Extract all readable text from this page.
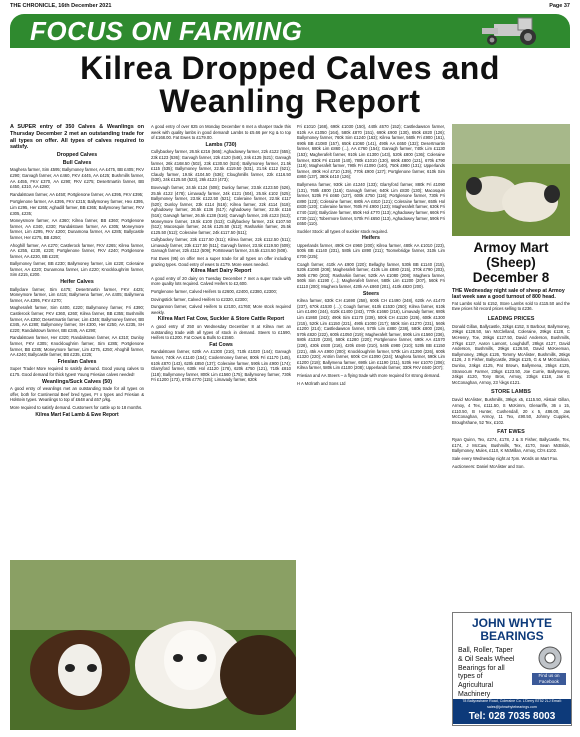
THE CHRONICLE, 16th December 2021	Page 37
FOCUS ON FARMING
Kilrea Dropped Calves and Weanling Report

A SUPER entry of 350 Calves & Weanlings on Thursday December 2 met an outstanding trade for all types on offer. All types of calves required to satisfy.

Dropped Calves
Bull Calves

Maghera farmer, Sim £595; Ballymoney farmer, AA £475, BB £405; FKV £290; Garvagh farmer, AA £460, FKV £445, AA £425; Bushmills farmer, AA £455, FKV £370, AA £290; FKV £275; Desertmartin farmer, BB £450, £310, AA £280;

Randalstown farmer, AA £450; Portglenone farmer, AA £395, FKV £395;

Portglenone farmer, AA £395, FKV £215; Ballymoney farmer, Hex £395, Lim £295, Her £265; Aghadill farmer, BB £365; Ballymoney farmer, FKV £305, £235;

Moneysmore farmer, AA £360; Kilrea farmer, BB £360; Portglenone farmer, AA £340, £330; Randalstown farmer, AA £305; Moneymore farmer, Lim £295, FKV £200; Dunamona farmer, AA £285; Ballycastle farmer, Her £275, BB £250;

Ahoghill farmer, AA £270; Castlerock farmer, FKV £265; Kilrea farmer, AA £255, £230, £220; Portglenone farmer, FKV £240; Portglenone farmer, AA £230, BB £220;

Ballymoney farmer, BB £230; Ballymoney farmer, Lim £220; Coleraine farmer, AA £220; Dunamona farmer, Lim £220; Knockloughrim farmer, Sim £215, £200.

Heifer Calves

Ballyclare farmer, Sim £475; Desertmartin farmer, FKV £425; Moneymore farmer, Lim £415; Ballymena farmer, AA £405; Ballymena farmer, AA £395, FKV £270;

Magherafelt farmer, Sim £400, £220; Ballymoney farmer, Fri £390; Castlerock farmer, FKV £360, £260; Kilrea farmer, BB £355; Bushmills farmer, AA £350; Desertmartin farmer, Lim £345; Ballymoney farmer, BB £345, AA £280; Ballymoney farmer, SH £300, Her £250, AA £235, SH £220; Randalstown farmer, BB £345, AA £290;

Randalstown farmer, Her £320; Randalstown farmer, AA £310; Dunloy farmer, FKV £305; Knockloughrim farmer, Sim £285; Portglenone farmer, BB £285; Moneymore farmer, Lim £275, £250; Ahoghill farmer, AA £240; Ballycastle farmer, BB £235, £225;

Friesian Calves

Super Trade! More required to satisfy demand. Good young calves to £175. Good demand for thick types! Young Friesian calves needed!

Weanlings/Suck Calves (50)

A good entry of weanlings met an outstanding trade for all types on offer, both for Continental Beef bred types, Fr x types and Friesian & Holstein types. Weanlings to top of £648 and £67 p/kg.

More required to satisfy demand. Customers for cattle up to 18 months.

Kilrea Mart Fat Lamb & Ewe Report

A good entry of over 825 on Monday December 6 met a sharper trade this week with quality lambs in good demand! Lambs to £5.66 per Kg & to top of £168.00. Fat Ewes to £179.00.

Lambs (730)

Cullybackey farmer, 26.5k £216 (566); Aghadowey farmer, 22k £122 (555); 23k £123 (536); Garvagh farmer, 22k £120 (546), 24k £125 (521); Garvagh farmer, 26k £168.50 (502), 23k £130.50 (524); Ballymoney farmer, 21.5k £115 (535); Ballymoney farmer, 22.5k £119.50 (531), 21.5k £112 (521); Claudy farmer, 19.5k £104.50 (536); Cloughmills farmer, 22k £116.50 (530), 24k £125.50 (523), 26k £123 (473);

Bovevagh farmer, 24.5k £124 (508); Dunloy farmer, 23.5k £123.50 (526), 25.5k £122 (478); Limavady farmer, 24k £121 (504), 25.5k £102 (525); Ballymoney farmer, 23.5k £122.50 (521); Coleraine farmer, 22.5k £117 (520); Dunloy farmer, 23k £114 (516); Kilrea farmer, 22k £114 (518); Aghadowey farmer, 26.5k £136 (517); Aghadowey farmer, 22.5k £116 (516); Garvagh farmer, 26.5k £138 (516); Garvagh farmer, 24k £123 (513); Moneymore farmer, 19.5k £100 (513); Cullybackey farmer, 21k £107.50 (512); Macosquin farmer, 24.5k £125.50 (512); Rasharkin farmer, 25.5k £125.50 (512); Coleraine farmer, 24k £117.50 (511);

Cullybackey farmer, 23k £117.50 (511); Kilrea farmer, 22k £112.50 (511); Limavady farmer, 23k £117.50 (511); Garvagh farmer, 23.5k £119.50 (509); Garvagh farmer, 22k £112 (509); Portstewart farmer, 24.5k £124.50 (508).

Fat Ewes (95) on offer met a super trade for all types on offer including grazing types. Good entry of ewes to £179. More ewes needed.

Kilrea Mart Dairy Report

A good entry of 20 dairy on Tuesday December 7 met a super trade with more quality lots required. Calved Heifers to £2,600.

Portglenone farmer, Calved Heifers to £2600, £2400, £2380, £2300;

Dovingstick farmer, Calved Heifers to £2320, £2300;

Dungannon farmer, Calved Heifers to £2100, £1760; More stock required weekly.

Kilrea Mart Fat Cow, Suckler & Store Cattle Report

A good entry of 250 on Wednesday December 8 at Kilrea met an outstanding trade with all types of stock in demand. Steers to £1590, Heifers to £1200. Fat Cows & Bulls to £1560.

Fat Cows

Randalstown farmer, 620k AA £1300 (210), 710k £1020 (144); Garvagh farmer, 740k AA £1140 (154); Coolermoney farmer, 800k Fri £1170 (145), 610k £870 (143), 620k £850 (137); Coleraine farmer, 590k Lim £900 (174); Glarryford farmer, 630k Hol £1120 (178), 620k £750 (121), 710k £810 (118); Ballymoney farmer, 800k Lim £1560 (175); Ballymoney farmer, 730k Fri £1200 (173), 670k £770 (115); Limavady farmer, 620k

Fri £1010 (168), 690k £1030 (150), 440k £670 (152); Castledawson farmer, 610k AA £1050 (164), 580k £870 (151), 690k £900 (130), 650k £820 (126); Ballymoney farmer, 760k Sim £1240 (163); Kilrea farmer, 560k Fri £900 (161), 690k BB £1080 (157), 650k £1060 (141), 490k AA £650 (132); Desertmartin farmer, 680k Lim £860 (...), AA £760 (154); Garvagh farmer, 740k Lim £1130 (153); Magherafelt farmer, 910k Lim £1300 (143), 520k £800 (136); Coleraine farmer, 830k Fri £1160 (140), 780k £1010 (130), 660k £800 (121), 670k £790 (119); Magherafelt farmer, 790k Fri £1090 (140), 750k £980 (131); Upperlands farmer, 490k Hol £710 (139), 770k £900 (127); Portglenone farmer, 610k Sim £860 (137), 380k £410 (126);

Ballymena farmer, 930k Lim £1240 (133); Glarryford farmer, 880k Fri £1090 (131), 760k £800 (116); Garvagh farmer, 640k Lim £830 (130); Macosquin farmer, 520k Fri £660 (127), 600k £750 (116); Portglenone farmer, 730k Fri £890 (123); Coleraine farmer, 680k AA £810 (121); Coleraine farmer, 650k Hol £830 (120); Coleraine farmer, 760k Fri £900 (123); Magherafelt farmer, 630k Fri £740 (118); Ballyclare farmer, 650k Hol £770 (113); Aghadowey farmer, 660k Fri £730 (111); Tobermore farmer, 570k Fri £650 (113), Aghadowey farmer, 590k Fri £650 (110).

Suckler Stock: all types of suckler stock required.

Heifers

Upperlands farmer, 490k CH £960 (200); Kilrea farmer, 480k AA £1010 (223), 500k BB £1140 (231), 580k Lim £890 (211); Toomebridge farmer, 310k Lim £700 (225);

Coagh farmer, 410k AA £900 (220); Bellaghy farmer, 530k BB £1140 (215), 520k £1080 (208); Magherafelt farmer, 410k Lim £880 (215), 370k £790 (203), 360k £790 (203); Rasharkin farmer, 520k AA £1080 (208); Maghera farmer, 560k Sim £1190 (…); Magherafelt farmer, 580k Lim £1200 (207), 560k Fri £1110 (200); Maghera farmer, 420k AA £860 (201), 410k £820 (200).

Steers

Kilrea farmer, 630k CH £1690 (258), 600k CH £1490 (248), 620k AA £1470 (237), 670k £1530 (…); Coagh farmer, 610k £1530 (250); Kilrea farmer, 610k Lim £1490 (244), 610k £1400 (243), 770k £1660 (216), Limavady farmer, 680k Lim £1860 (242); 490k Sim £1170 (239), 500k CH £1130 (226), 600k £1300 (215), 520k Lim £1150 (221), 490k £1000 (217); 550k Sim £1270 (231), 560k £1200 (214); Castledawson farmer, 570k Lim £880 (238), 580k £800 (226), 570k £820 (222), 600k £1050 (219); Magherafelt farmer, 590k Lim £1560 (236), 580k £1320 (228), 580k £1280 (220); Portglenone farmer, 690k AA £1570 (228), 430k £930 (216), 420k £940 (210), 540k £980 (210); 520k BB £1150 (221), 45k AA £900 (200); Knockloughrim farmer, 570k Lim £1290 (226), 600k £1320 (220); Antrim farmer, 600k CH £1090 (224); Maghera farmer, 590k Lim £1200 (218); Ballymena farmer, 690k Lim £1190 (211), 520k Her £1070 (206); Kilrea farmer, 580k Lim £1100 (208); Upperlands farmer, 330k FKV £640 (207);

Friesian and AA Steers – a flying trade with more required for strong demand.

H A McIlrath and Sons Ltd

Armoy Mart (Sheep) December 8
THE Wednesday night sale of sheep at Armoy last week saw a good turnout of 800 head.

Fat Lambs sold to £152, Store Lambs sold to £115.50 and the Ewe prices hit record prices selling to £236.

LEADING PRICES

Donald Gillan, Ballycastle, 32kgs £152, S Barbour, Ballymoney, 29kgs £128.50, Ian McClelland, Coleraine, 29kgs £128, C McHenry, Toe, 28kgs £127.50, David Anderson, Bushmills, 27kgs £127, Aaron Lamont, Loughduff, 28kgs £127, David Anderson, Bushmills, 29kgs £126.50, David McKeeman, Ballymoney, 29kgs £126, Tommy McAlister, Bushmills, 26kgs £126, J S Fisher, Ballycastle, 25kgs £125, G & M McGuckian, Dunlox, 24kgs £125, Pat Brown, Ballymena, 25kgs £125, Stranocum Farmer, 23kgs £123.50, Joe Currie, Ballymoney, 24kgs £120, Tony Bros, Armoy, 23kgs £118, Jas E McConaghan, Armoy, 23 ½kgs £121.

STORE LAMBS

David McAlister, Bushmills, 39kgs x5, £115.50, Alistair Gillan, Armoy, 4 Tex, £111.50, S McKimm, Glenariffe, 36 x 15, £110.50, B Hunter, Cushendall, 20 x 5, £86.00, Jas McConaghan, Armoy, 11 Tex, £90.50, Johnny Cupples, Broughshane, 52 Tex, £102.

FAT EWES

Ryan Quinn, Tex, £274, £178, J & S Fisher, Ballycastle, Tex, £174, J McCaw, Bushmills, Tex, £170, Sean McBride, Ballymoney, Mules, £110, K McMillan, Armoy, Cb's £102.

Sale every Wednesday night at 7pm. Words on Mart Fax.

Auctioneers: Daniel McAlister and Son.

JOHN WHYTE BEARINGS
Ball, Roller, Taper & Oil Seals Wheel Bearings for all types of Agricultural Machinery
Find us on Facebook
78 Ballyrashane Road, Coleraine Co. L'Derry BT52 2LJ Email: sales@johnwhytebearings.com
Tel: 028 7035 8003
